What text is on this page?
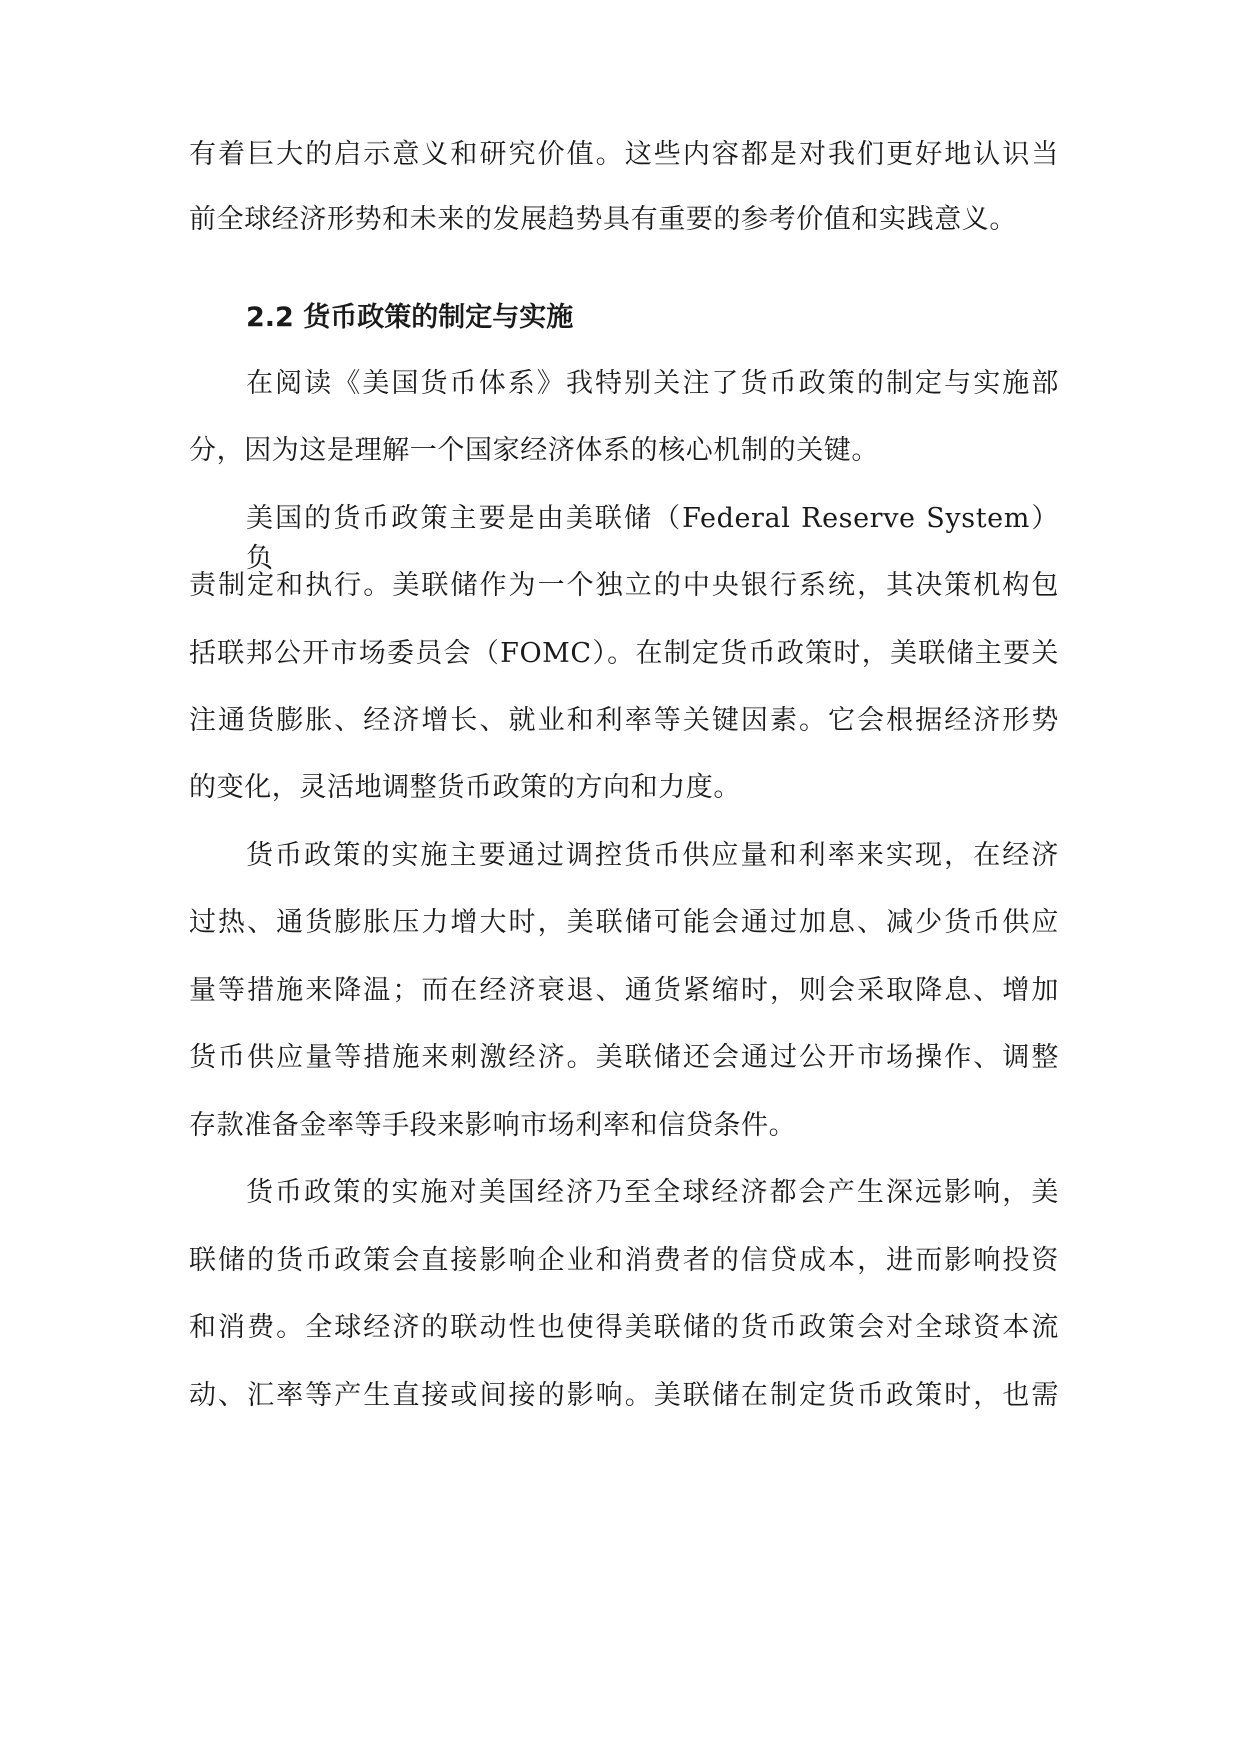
有着巨大的启示意义和研究价值。这些内容都是对我们更好地认识当
前全球经济形势和未来的发展趋势具有重要的参考价值和实践意义。
2.2 货币政策的制定与实施
在阅读《美国货币体系》我特别关注了货币政策的制定与实施部
分，因为这是理解一个国家经济体系的核心机制的关键。
美国的货币政策主要是由美联储（Federal Reserve System）负
责制定和执行。美联储作为一个独立的中央银行系统，其决策机构包
括联邦公开市场委员会（FOMC）。在制定货币政策时，美联储主要关
注通货膨胀、经济增长、就业和利率等关键因素。它会根据经济形势
的变化，灵活地调整货币政策的方向和力度。
货币政策的实施主要通过调控货币供应量和利率来实现，在经济
过热、通货膨胀压力增大时，美联储可能会通过加息、减少货币供应
量等措施来降温；而在经济衰退、通货紧缩时，则会采取降息、增加
货币供应量等措施来刺激经济。美联储还会通过公开市场操作、调整
存款准备金率等手段来影响市场利率和信贷条件。
货币政策的实施对美国经济乃至全球经济都会产生深远影响，美
联储的货币政策会直接影响企业和消费者的信贷成本，进而影响投资
和消费。全球经济的联动性也使得美联储的货币政策会对全球资本流
动、汇率等产生直接或间接的影响。美联储在制定货币政策时，也需
